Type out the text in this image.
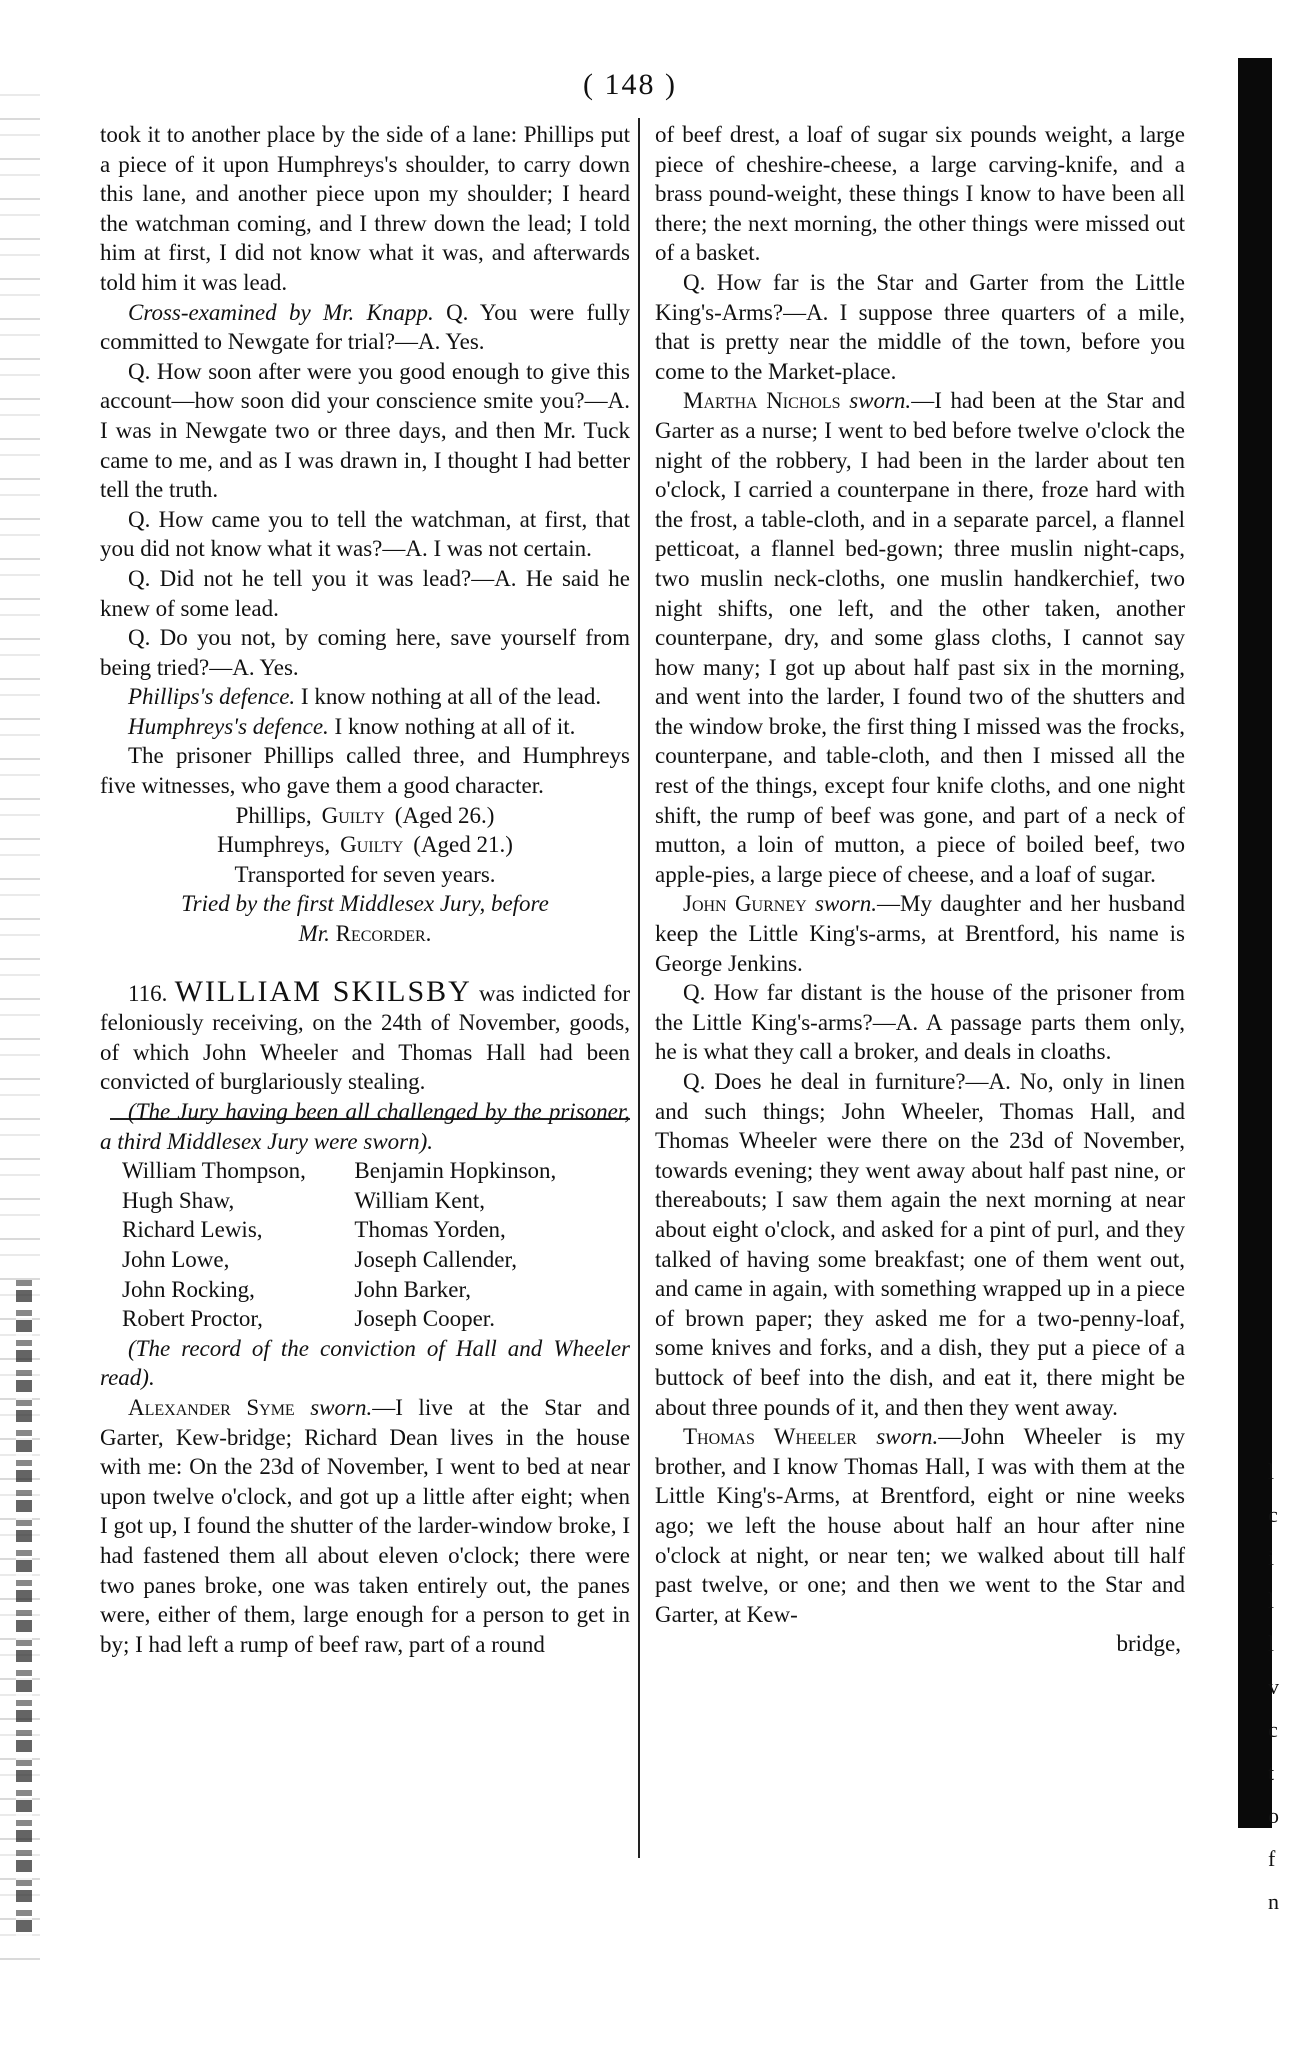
( 148 )

took it to another place by the side of a lane: Phillips put a piece of it upon Humphreys's shoulder, to carry down this lane, and another piece upon my shoulder; I heard the watchman coming, and I threw down the lead; I told him at first, I did not know what it was, and afterwards told him it was lead.

Cross-examined by Mr. Knapp. Q. You were fully committed to Newgate for trial?—A. Yes.

Q. How soon after were you good enough to give this account—how soon did your conscience smite you?—A. I was in Newgate two or three days, and then Mr. Tuck came to me, and as I was drawn in, I thought I had better tell the truth.

Q. How came you to tell the watchman, at first, that you did not know what it was?—A. I was not certain.

Q. Did not he tell you it was lead?—A. He said he knew of some lead.

Q. Do you not, by coming here, save yourself from being tried?—A. Yes.

Phillips's defence. I know nothing at all of the lead.

Humphreys's defence. I know nothing at all of it.

The prisoner Phillips called three, and Humphreys five witnesses, who gave them a good character.

Phillips, Guilty (Aged 26.)
Humphreys, Guilty (Aged 21.)

Transported for seven years.

Tried by the first Middlesex Jury, before

Mr. Recorder.

116. WILLIAM SKILSBY was indicted for feloniously receiving, on the 24th of November, goods, of which John Wheeler and Thomas Hall had been convicted of burglariously stealing.

(The Jury having been all challenged by the prisoner, a third Middlesex Jury were sworn).

William Thompson,	Benjamin Hopkinson,
Hugh Shaw,	William Kent,
Richard Lewis,	Thomas Yorden,
John Lowe,	Joseph Callender,
John Rocking,	John Barker,
Robert Proctor,	Joseph Cooper.

(The record of the conviction of Hall and Wheeler read).

Alexander Syme sworn.—I live at the Star and Garter, Kew-bridge; Richard Dean lives in the house with me: On the 23d of November, I went to bed at near upon twelve o'clock, and got up a little after eight; when I got up, I found the shutter of the larder-window broke, I had fastened them all about eleven o'clock; there were two panes broke, one was taken entirely out, the panes were, either of them, large enough for a person to get in by; I had left a rump of beef raw, part of a round

of beef drest, a loaf of sugar six pounds weight, a large piece of cheshire-cheese, a large carving-knife, and a brass pound-weight, these things I know to have been all there; the next morning, the other things were missed out of a basket.

Q. How far is the Star and Garter from the Little King's-Arms?—A. I suppose three quarters of a mile, that is pretty near the middle of the town, before you come to the Market-place.

Martha Nichols sworn.—I had been at the Star and Garter as a nurse; I went to bed before twelve o'clock the night of the robbery, I had been in the larder about ten o'clock, I carried a counterpane in there, froze hard with the frost, a table-cloth, and in a separate parcel, a flannel petticoat, a flannel bed-gown; three muslin night-caps, two muslin neck-cloths, one muslin handkerchief, two night shifts, one left, and the other taken, another counterpane, dry, and some glass cloths, I cannot say how many; I got up about half past six in the morning, and went into the larder, I found two of the shutters and the window broke, the first thing I missed was the frocks, counterpane, and table-cloth, and then I missed all the rest of the things, except four knife cloths, and one night shift, the rump of beef was gone, and part of a neck of mutton, a loin of mutton, a piece of boiled beef, two apple-pies, a large piece of cheese, and a loaf of sugar.

John Gurney sworn.—My daughter and her husband keep the Little King's-arms, at Brentford, his name is George Jenkins.

Q. How far distant is the house of the prisoner from the Little King's-arms?—A. A passage parts them only, he is what they call a broker, and deals in cloaths.

Q. Does he deal in furniture?—A. No, only in linen and such things; John Wheeler, Thomas Hall, and Thomas Wheeler were there on the 23d of November, towards evening; they went away about half past nine, or thereabouts; I saw them again the next morning at near about eight o'clock, and asked for a pint of purl, and they talked of having some breakfast; one of them went out, and came in again, with something wrapped up in a piece of brown paper; they asked me for a two-penny-loaf, some knives and forks, and a dish, they put a piece of a buttock of beef into the dish, and eat it, there might be about three pounds of it, and then they went away.

Thomas Wheeler sworn.—John Wheeler is my brother, and I know Thomas Hall, I was with them at the Little King's-Arms, at Brentford, eight or nine weeks ago; we left the house about half an hour after nine o'clock at night, or near ten; we walked about till half past twelve, or one; and then we went to the Star and Garter, at Kew-

bridge,

l
c
i
l
l
v
c
t
o
f
n
